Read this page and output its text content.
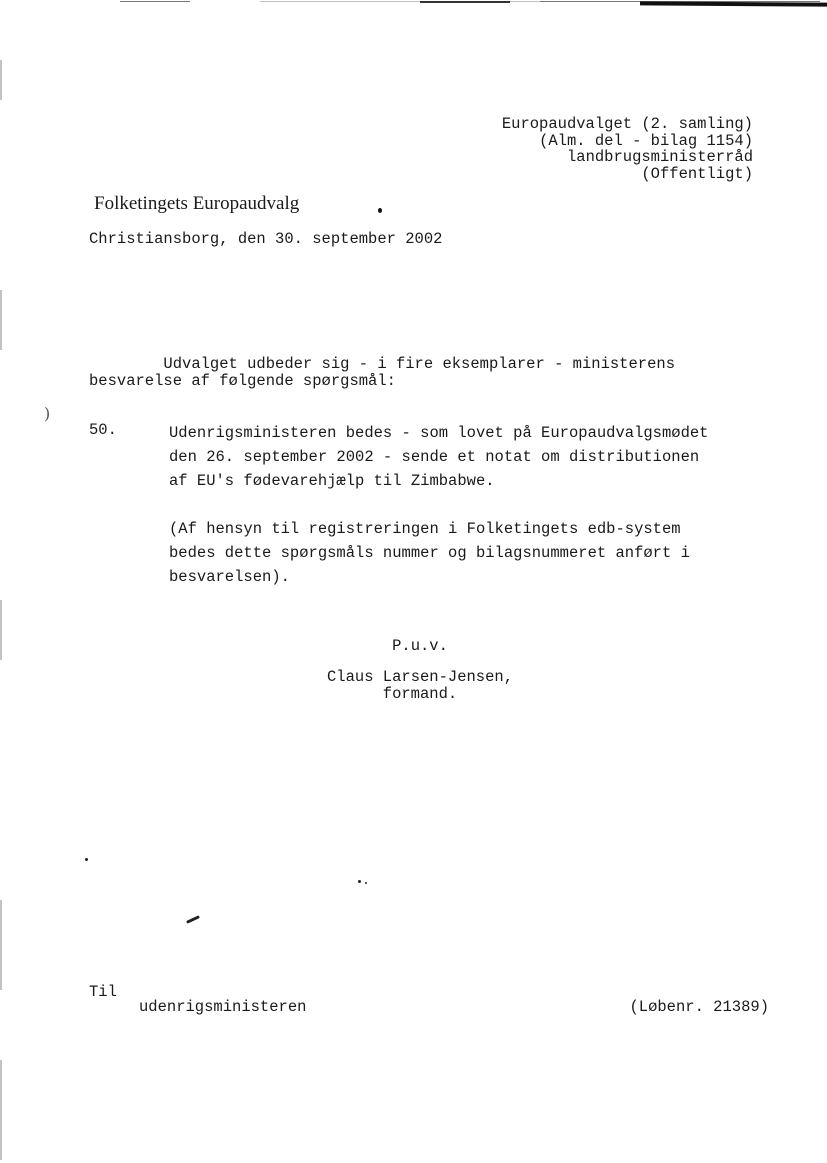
Europaudvalget (2. samling)
(Alm. del - bilag 1154)
landbrugsministerråd
(Offentligt)
Folketingets Europaudvalg
Christiansborg, den 30. september 2002
Udvalget udbeder sig - i fire eksemplarer - ministerens
besvarelse af følgende spørgsmål:
)
50.	Udenrigsministeren bedes - som lovet på Europaudvalgsmødet
den 26. september 2002 - sende et notat om distributionen
af EU's fødevarehjælp til Zimbabwe.
(Af hensyn til registreringen i Folketingets edb-system
bedes dette spørgsmåls nummer og bilagsnummeret anført i
besvarelsen).
P.u.v.
Claus Larsen-Jensen,
formand.
Til
udenrigsministeren	(Løbenr. 21389)
